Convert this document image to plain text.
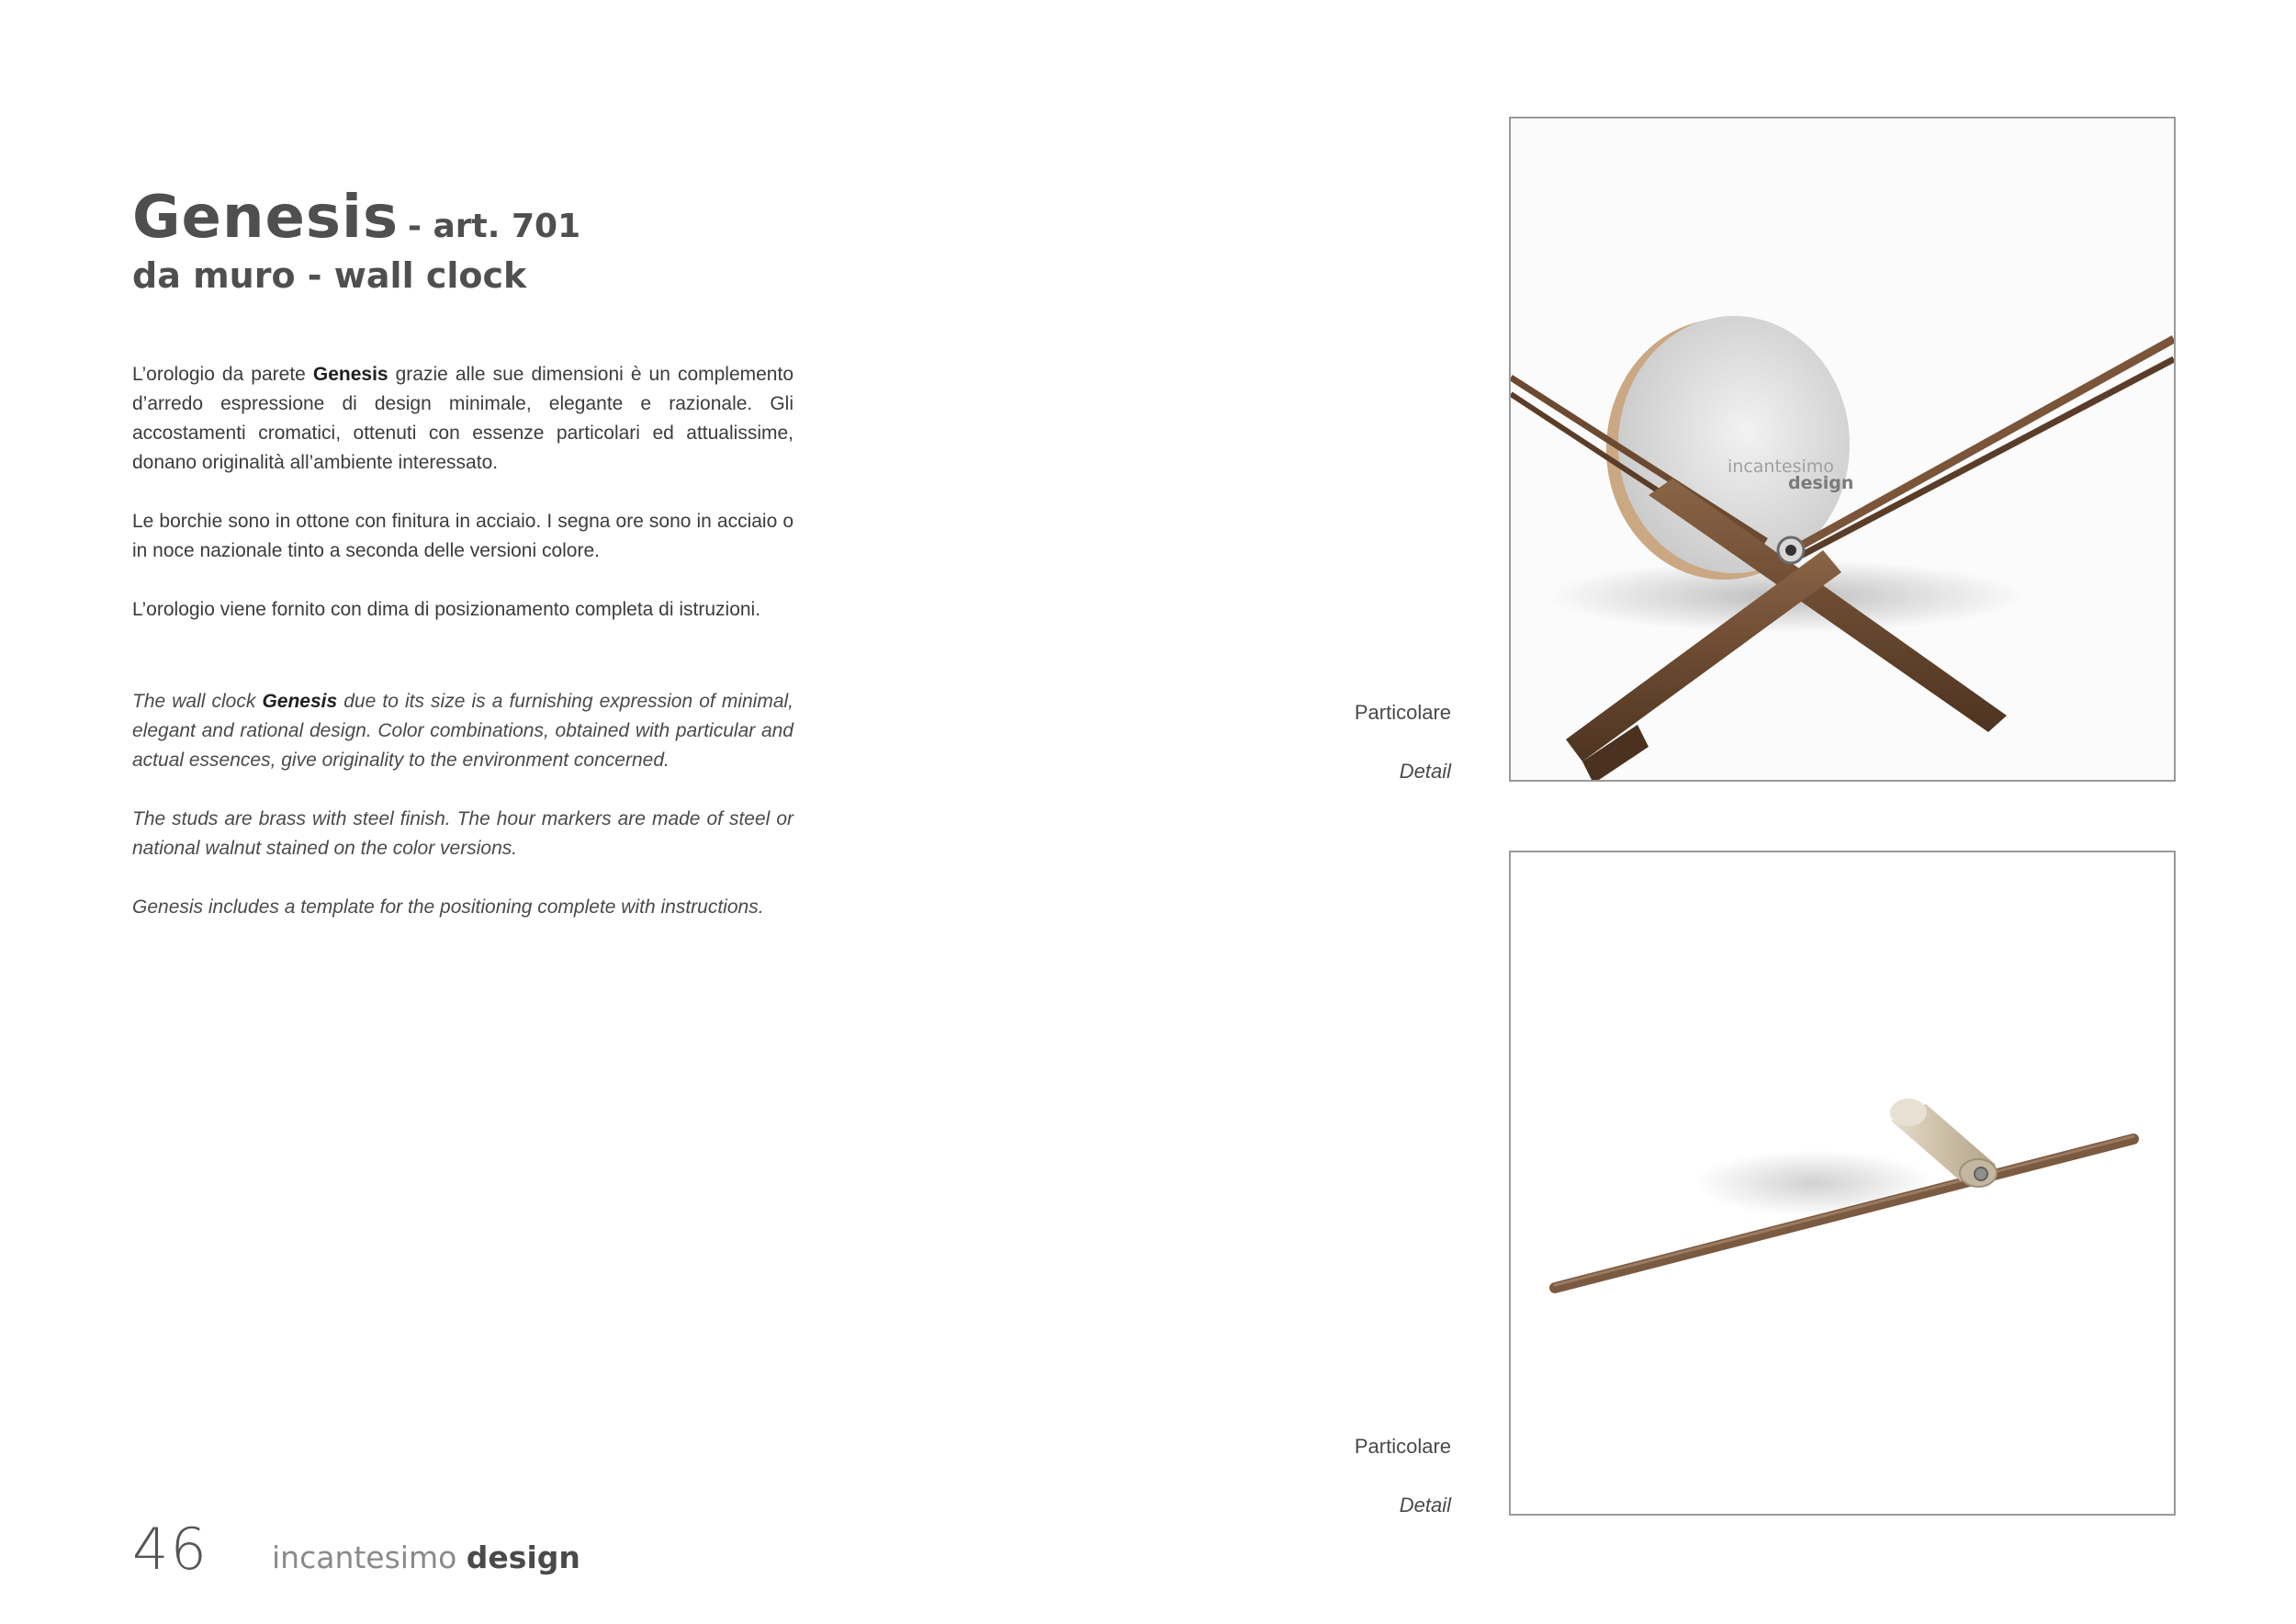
Genesis - art. 701
da muro - wall clock

L’orologio da parete Genesis grazie alle sue dimensioni è un complemento d’arredo espressione di design minimale, elegante e razionale. Gli accostamenti cromatici, ottenuti con essenze particolari ed attualissime, donano originalità all’ambiente interessato.

Le borchie sono in ottone con finitura in acciaio. I segna ore sono in acciaio o in noce nazionale tinto a seconda delle versioni colore.

L’orologio viene fornito con dima di posizionamento completa di istruzioni.

The wall clock Genesis due to its size is a furnishing expression of minimal, elegant and rational design. Color combinations, obtained with particular and actual essences, give originality to the environment concerned.

The studs are brass with steel finish. The hour markers are made of steel or national walnut stained on the color versions.

Genesis includes a template for the positioning complete with instructions.

Particolare
Detail
incantesimo
design
Particolare
Detail
46 incantesimo design
